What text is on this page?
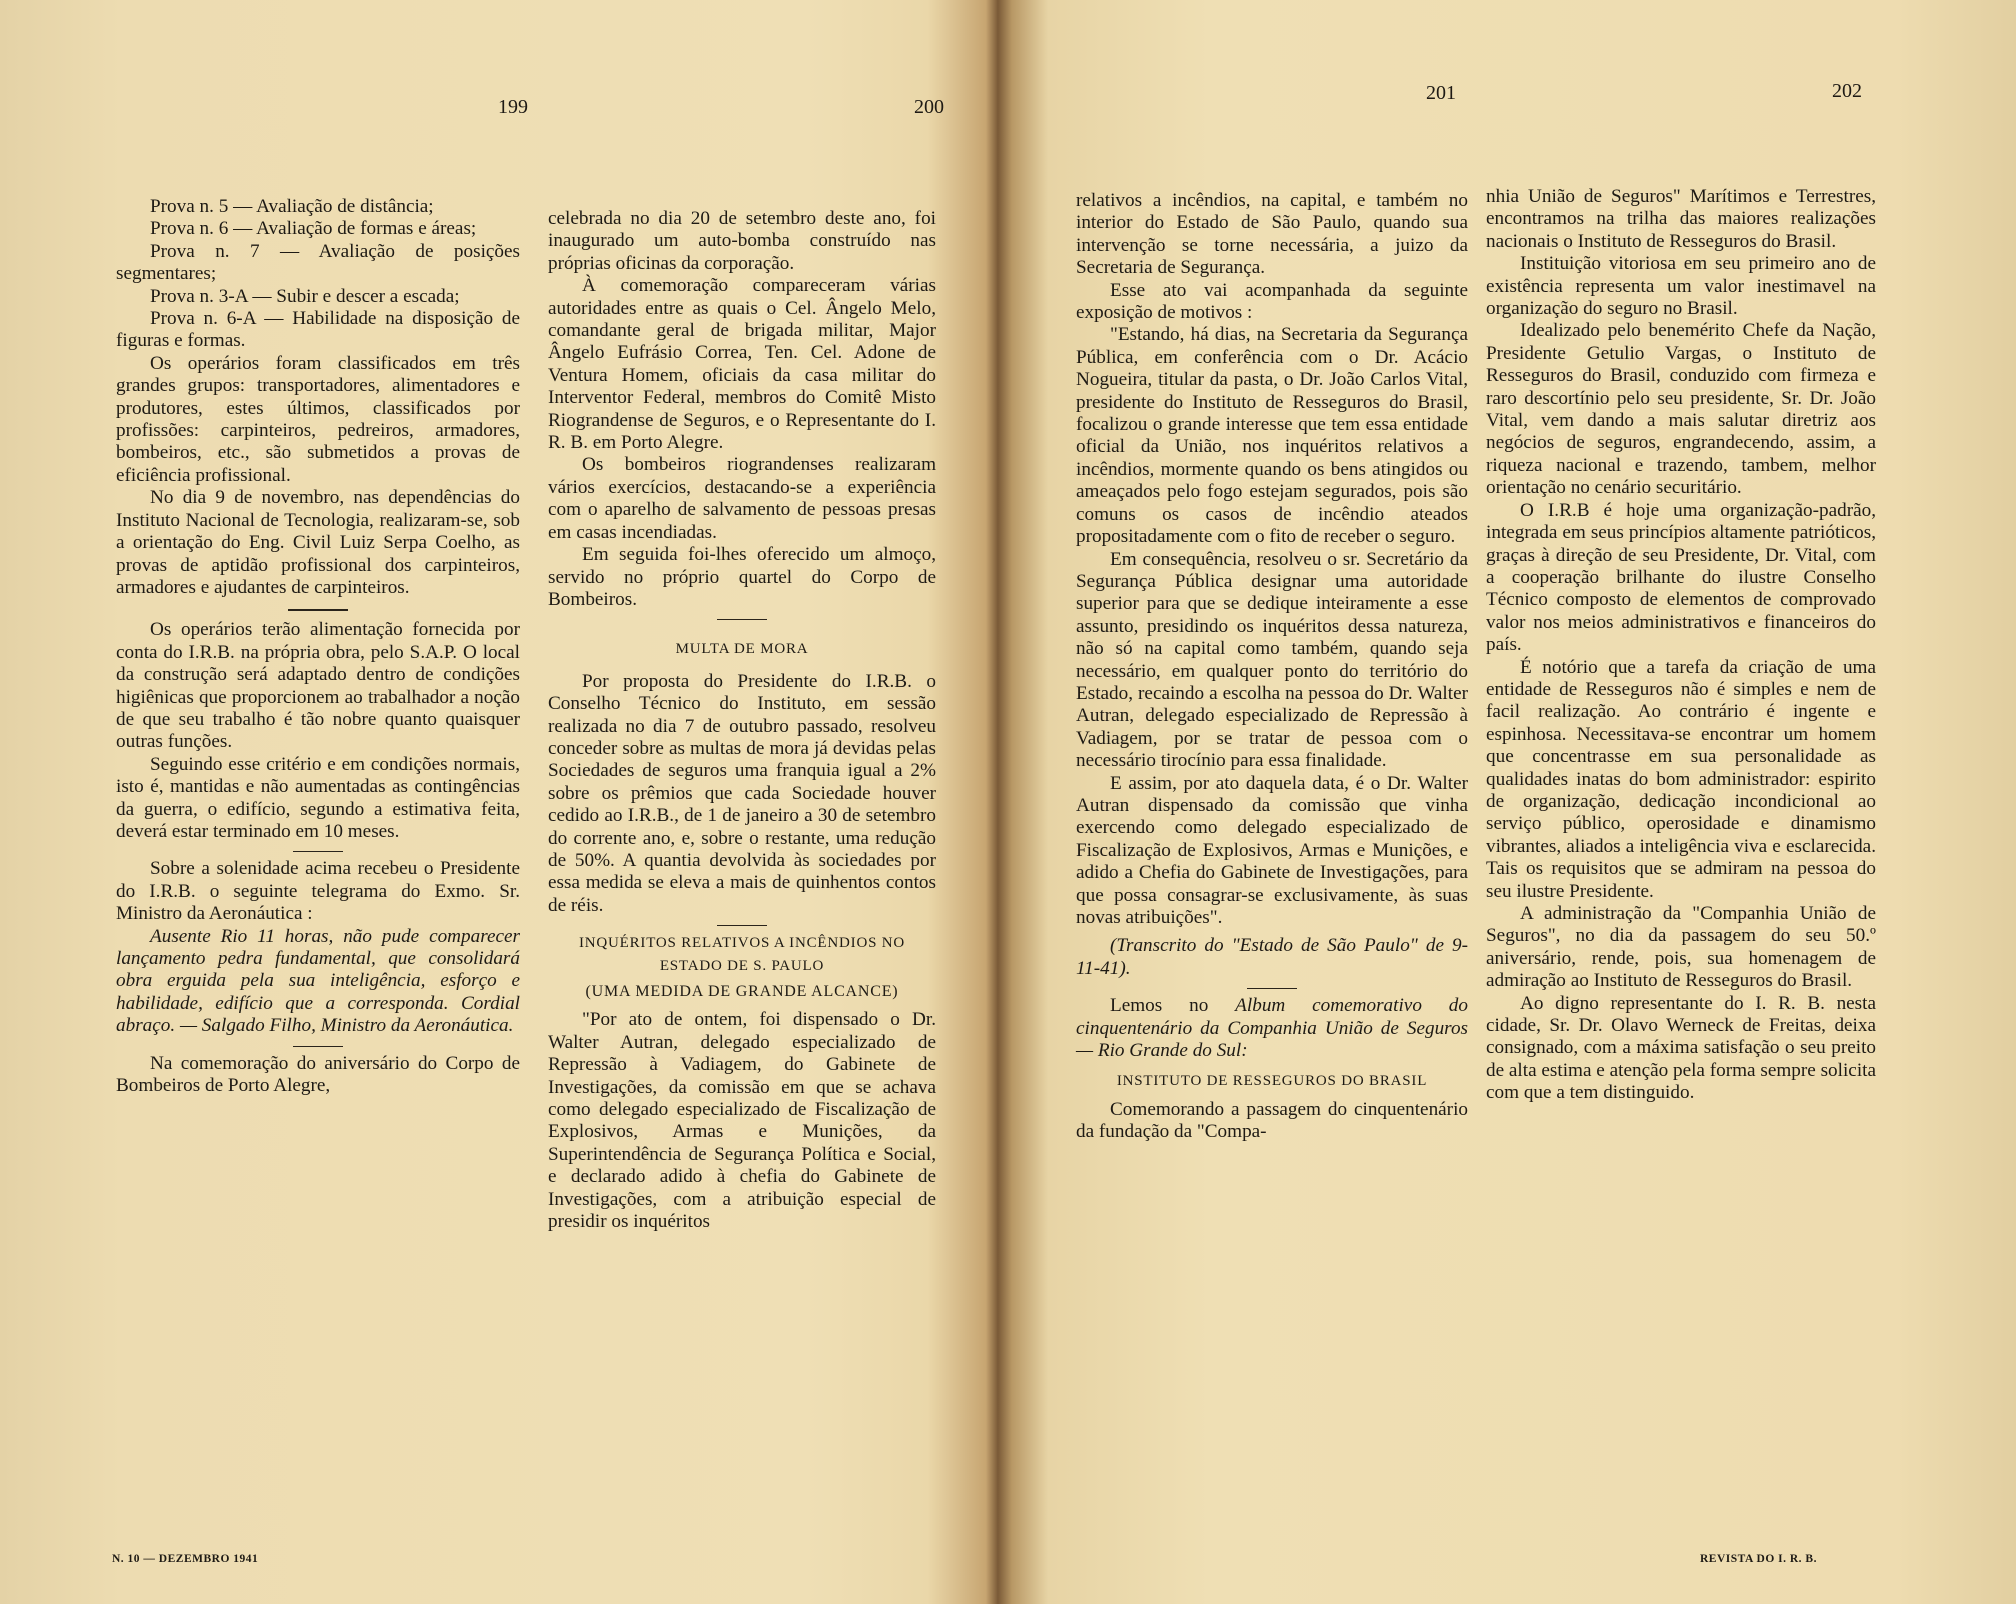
199	200

Prova n. 5 — Avaliação de distância;

Prova n. 6 — Avaliação de formas e áreas;

Prova n. 7 — Avaliação de posições segmentares;

Prova n. 3-A — Subir e descer a escada;

Prova n. 6-A — Habilidade na disposição de figuras e formas.

Os operários foram classificados em três grandes grupos: transportadores, alimentadores e produtores, estes últimos, classificados por profissões: carpinteiros, pedreiros, armadores, bombeiros, etc., são submetidos a provas de eficiência profissional.

No dia 9 de novembro, nas dependências do Instituto Nacional de Tecnologia, realizaram-se, sob a orientação do Eng. Civil Luiz Serpa Coelho, as provas de aptidão profissional dos carpinteiros, armadores e ajudantes de carpinteiros.

Os operários terão alimentação fornecida por conta do I.R.B. na própria obra, pelo S.A.P. O local da construção será adaptado dentro de condições higiênicas que proporcionem ao trabalhador a noção de que seu trabalho é tão nobre quanto quaisquer outras funções.

Seguindo esse critério e em condições normais, isto é, mantidas e não aumentadas as contingências da guerra, o edifício, segundo a estimativa feita, deverá estar terminado em 10 meses.

Sobre a solenidade acima recebeu o Presidente do I.R.B. o seguinte telegrama do Exmo. Sr. Ministro da Aeronáutica :

Ausente Rio 11 horas, não pude comparecer lançamento pedra fundamental, que consolidará obra erguida pela sua inteligência, esforço e habilidade, edifício que a corresponda. Cordial abraço. — Salgado Filho, Ministro da Aeronáutica.

Na comemoração do aniversário do Corpo de Bombeiros de Porto Alegre,

celebrada no dia 20 de setembro deste ano, foi inaugurado um auto-bomba construído nas próprias oficinas da corporação.

À comemoração compareceram várias autoridades entre as quais o Cel. Ângelo Melo, comandante geral de brigada militar, Major Ângelo Eufrásio Correa, Ten. Cel. Adone de Ventura Homem, oficiais da casa militar do Interventor Federal, membros do Comitê Misto Riograndense de Seguros, e o Representante do I. R. B. em Porto Alegre.

Os bombeiros riograndenses realizaram vários exercícios, destacando-se a experiência com o aparelho de salvamento de pessoas presas em casas incendiadas.

Em seguida foi-lhes oferecido um almoço, servido no próprio quartel do Corpo de Bombeiros.

MULTA DE MORA

Por proposta do Presidente do I.R.B. o Conselho Técnico do Instituto, em sessão realizada no dia 7 de outubro passado, resolveu conceder sobre as multas de mora já devidas pelas Sociedades de seguros uma franquia igual a 2% sobre os prêmios que cada Sociedade houver cedido ao I.R.B., de 1 de janeiro a 30 de setembro do corrente ano, e, sobre o restante, uma redução de 50%. A quantia devolvida às sociedades por essa medida se eleva a mais de quinhentos contos de réis.

INQUÉRITOS RELATIVOS A INCÊNDIOS NO ESTADO DE S. PAULO
(UMA MEDIDA DE GRANDE ALCANCE)

"Por ato de ontem, foi dispensado o Dr. Walter Autran, delegado especializado de Repressão à Vadiagem, do Gabinete de Investigações, da comissão em que se achava como delegado especializado de Fiscalização de Explosivos, Armas e Munições, da Superintendência de Segurança Política e Social, e declarado adido à chefia do Gabinete de Investigações, com a atribuição especial de presidir os inquéritos

N. 10 — DEZEMBRO 1941
201	202

relativos a incêndios, na capital, e também no interior do Estado de São Paulo, quando sua intervenção se torne necessária, a juizo da Secretaria de Segurança.

Esse ato vai acompanhada da seguinte exposição de motivos :

"Estando, há dias, na Secretaria da Segurança Pública, em conferência com o Dr. Acácio Nogueira, titular da pasta, o Dr. João Carlos Vital, presidente do Instituto de Resseguros do Brasil, focalizou o grande interesse que tem essa entidade oficial da União, nos inquéritos relativos a incêndios, mormente quando os bens atingidos ou ameaçados pelo fogo estejam segurados, pois são comuns os casos de incêndio ateados propositadamente com o fito de receber o seguro.

Em consequência, resolveu o sr. Secretário da Segurança Pública designar uma autoridade superior para que se dedique inteiramente a esse assunto, presidindo os inquéritos dessa natureza, não só na capital como também, quando seja necessário, em qualquer ponto do território do Estado, recaindo a escolha na pessoa do Dr. Walter Autran, delegado especializado de Repressão à Vadiagem, por se tratar de pessoa com o necessário tirocínio para essa finalidade.

E assim, por ato daquela data, é o Dr. Walter Autran dispensado da comissão que vinha exercendo como delegado especializado de Fiscalização de Explosivos, Armas e Munições, e adido a Chefia do Gabinete de Investigações, para que possa consagrar-se exclusivamente, às suas novas atribuições".

(Transcrito do "Estado de São Paulo" de 9-11-41).

Lemos no Album comemorativo do cinquentenário da Companhia União de Seguros — Rio Grande do Sul:

INSTITUTO DE RESSEGUROS DO BRASIL

Comemorando a passagem do cinquentenário da fundação da "Compa-

nhia União de Seguros" Marítimos e Terrestres, encontramos na trilha das maiores realizações nacionais o Instituto de Resseguros do Brasil.

Instituição vitoriosa em seu primeiro ano de existência representa um valor inestimavel na organização do seguro no Brasil.

Idealizado pelo benemérito Chefe da Nação, Presidente Getulio Vargas, o Instituto de Resseguros do Brasil, conduzido com firmeza e raro descortínio pelo seu presidente, Sr. Dr. João Vital, vem dando a mais salutar diretriz aos negócios de seguros, engrandecendo, assim, a riqueza nacional e trazendo, tambem, melhor orientação no cenário securitário.

O I.R.B é hoje uma organização-padrão, integrada em seus princípios altamente patrióticos, graças à direção de seu Presidente, Dr. Vital, com a cooperação brilhante do ilustre Conselho Técnico composto de elementos de comprovado valor nos meios administrativos e financeiros do país.

É notório que a tarefa da criação de uma entidade de Resseguros não é simples e nem de facil realização. Ao contrário é ingente e espinhosa. Necessitava-se encontrar um homem que concentrasse em sua personalidade as qualidades inatas do bom administrador: espirito de organização, dedicação incondicional ao serviço público, operosidade e dinamismo vibrantes, aliados a inteligência viva e esclarecida. Tais os requisitos que se admiram na pessoa do seu ilustre Presidente.

A administração da "Companhia União de Seguros", no dia da passagem do seu 50.º aniversário, rende, pois, sua homenagem de admiração ao Instituto de Resseguros do Brasil.

Ao digno representante do I. R. B. nesta cidade, Sr. Dr. Olavo Werneck de Freitas, deixa consignado, com a máxima satisfação o seu preito de alta estima e atenção pela forma sempre solicita com que a tem distinguido.

REVISTA DO I. R. B.
